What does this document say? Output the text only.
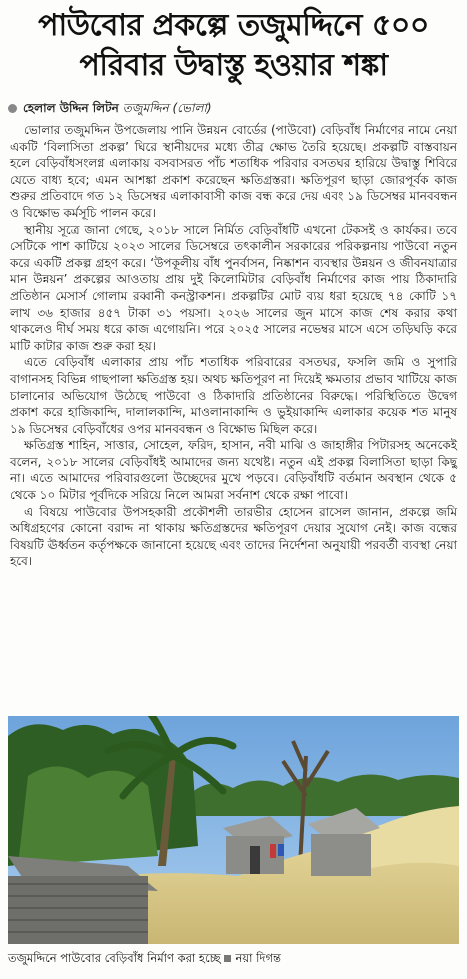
পাউবোর প্রকল্পে তজুমদ্দিনে ৫০০
পরিবার উদ্বাস্তু হওয়ার শঙ্কা
হেলাল উদ্দিন লিটন তজুমদ্দিন (ভোলা)

ভোলার তজুমদ্দিন উপজেলায় পানি উন্নয়ন বোর্ডের (পাউবো) বেড়িবাঁধ নির্মাণের নামে নেয়া একটি ‘বিলাসিতা প্রকল্প’ ঘিরে স্থানীয়দের মধ্যে তীব্র ক্ষোভ তৈরি হয়েছে। প্রকল্পটি বাস্তবায়ন হলে বেড়িবাঁধসংলগ্ন এলাকায় বসবাসরত পাঁচ শতাধিক পরিবার বসতঘর হারিয়ে উদ্বাস্তু শিবিরে যেতে বাধ্য হবে; এমন আশঙ্কা প্রকাশ করেছেন ক্ষতিগ্রস্তরা। ক্ষতিপূরণ ছাড়া জোরপূর্বক কাজ শুরুর প্রতিবাদে গত ১২ ডিসেম্বর এলাকাবাসী কাজ বন্ধ করে দেয় এবং ১৯ ডিসেম্বর মানববন্ধন ও বিক্ষোভ কর্মসূচি পালন করে।

স্থানীয় সূত্রে জানা গেছে, ২০১৮ সালে নির্মিত বেড়িবাঁধটি এখনো টেকসই ও কার্যকর। তবে সেটিকে পাশ কাটিয়ে ২০২৩ সালের ডিসেম্বরে তৎকালীন সরকারের পরিকল্পনায় পাউবো নতুন করে একটি প্রকল্প গ্রহণ করে। ‘উপকূলীয় বাঁধ পুনর্বাসন, নিষ্কাশন ব্যবস্থার উন্নয়ন ও জীবনযাত্রার মান উন্নয়ন’ প্রকল্পের আওতায় প্রায় দুই কিলোমিটার বেড়িবাঁধ নির্মাণের কাজ পায় ঠিকাদারি প্রতিষ্ঠান মেসার্স গোলাম রব্বানী কনস্ট্রাকশন। প্রকল্পটির মোট ব্যয় ধরা হয়েছে ৭৪ কোটি ১৭ লাখ ৩৬ হাজার ৪৫৭ টাকা ৩১ পয়সা। ২০২৬ সালের জুন মাসে কাজ শেষ করার কথা থাকলেও দীর্ঘ সময় ধরে কাজ এগোয়নি। পরে ২০২৫ সালের নভেম্বর মাসে এসে তড়িঘড়ি করে মাটি কাটার কাজ শুরু করা হয়।

এতে বেড়িবাঁধ এলাকার প্রায় পাঁচ শতাধিক পরিবারের বসতঘর, ফসলি জমি ও সুপারি বাগানসহ বিভিন্ন গাছপালা ক্ষতিগ্রস্ত হয়। অথচ ক্ষতিপূরণ না দিয়েই ক্ষমতার প্রভাব খাটিয়ে কাজ চালানোর অভিযোগ উঠেছে পাউবো ও ঠিকাদারি প্রতিষ্ঠানের বিরুদ্ধে। পরিস্থিতিতে উদ্বেগ প্রকাশ করে হাজিকান্দি, দালালকান্দি, মাওলানাকান্দি ও ভুইয়াকান্দি এলাকার কয়েক শত মানুষ ১৯ ডিসেম্বর বেড়িবাঁধের ওপর মানববন্ধন ও বিক্ষোভ মিছিল করে।

ক্ষতিগ্রস্ত শাহিন, সাত্তার, সোহেল, ফরিদ, হাসান, নবী মাঝি ও জাহাঙ্গীর পিটারসহ অনেকেই বলেন, ২০১৮ সালের বেড়িবাঁধই আমাদের জন্য যথেষ্ট। নতুন এই প্রকল্প বিলাসিতা ছাড়া কিছু না। এতে আমাদের পরিবারগুলো উচ্ছেদের মুখে পড়বে। বেড়িবাঁধটি বর্তমান অবস্থান থেকে ৫ থেকে ১০ মিটার পূর্বদিকে সরিয়ে নিলে আমরা সর্বনাশ থেকে রক্ষা পাবো।

এ বিষয়ে পাউবোর উপসহকারী প্রকৌশলী তারভীর হোসেন রাসেল জানান, প্রকল্পে জমি অধিগ্রহণের কোনো বরাদ্দ না থাকায় ক্ষতিগ্রস্তদের ক্ষতিপূরণ দেয়ার সুযোগ নেই। কাজ বন্ধের বিষয়টি ঊর্ধ্বতন কর্তৃপক্ষকে জানানো হয়েছে এবং তাদের নির্দেশনা অনুযায়ী পরবর্তী ব্যবস্থা নেয়া হবে।

তজুমদ্দিনে পাউবোর বেড়িবাঁধ নির্মাণ করা হচ্ছে নয়া দিগন্ত
